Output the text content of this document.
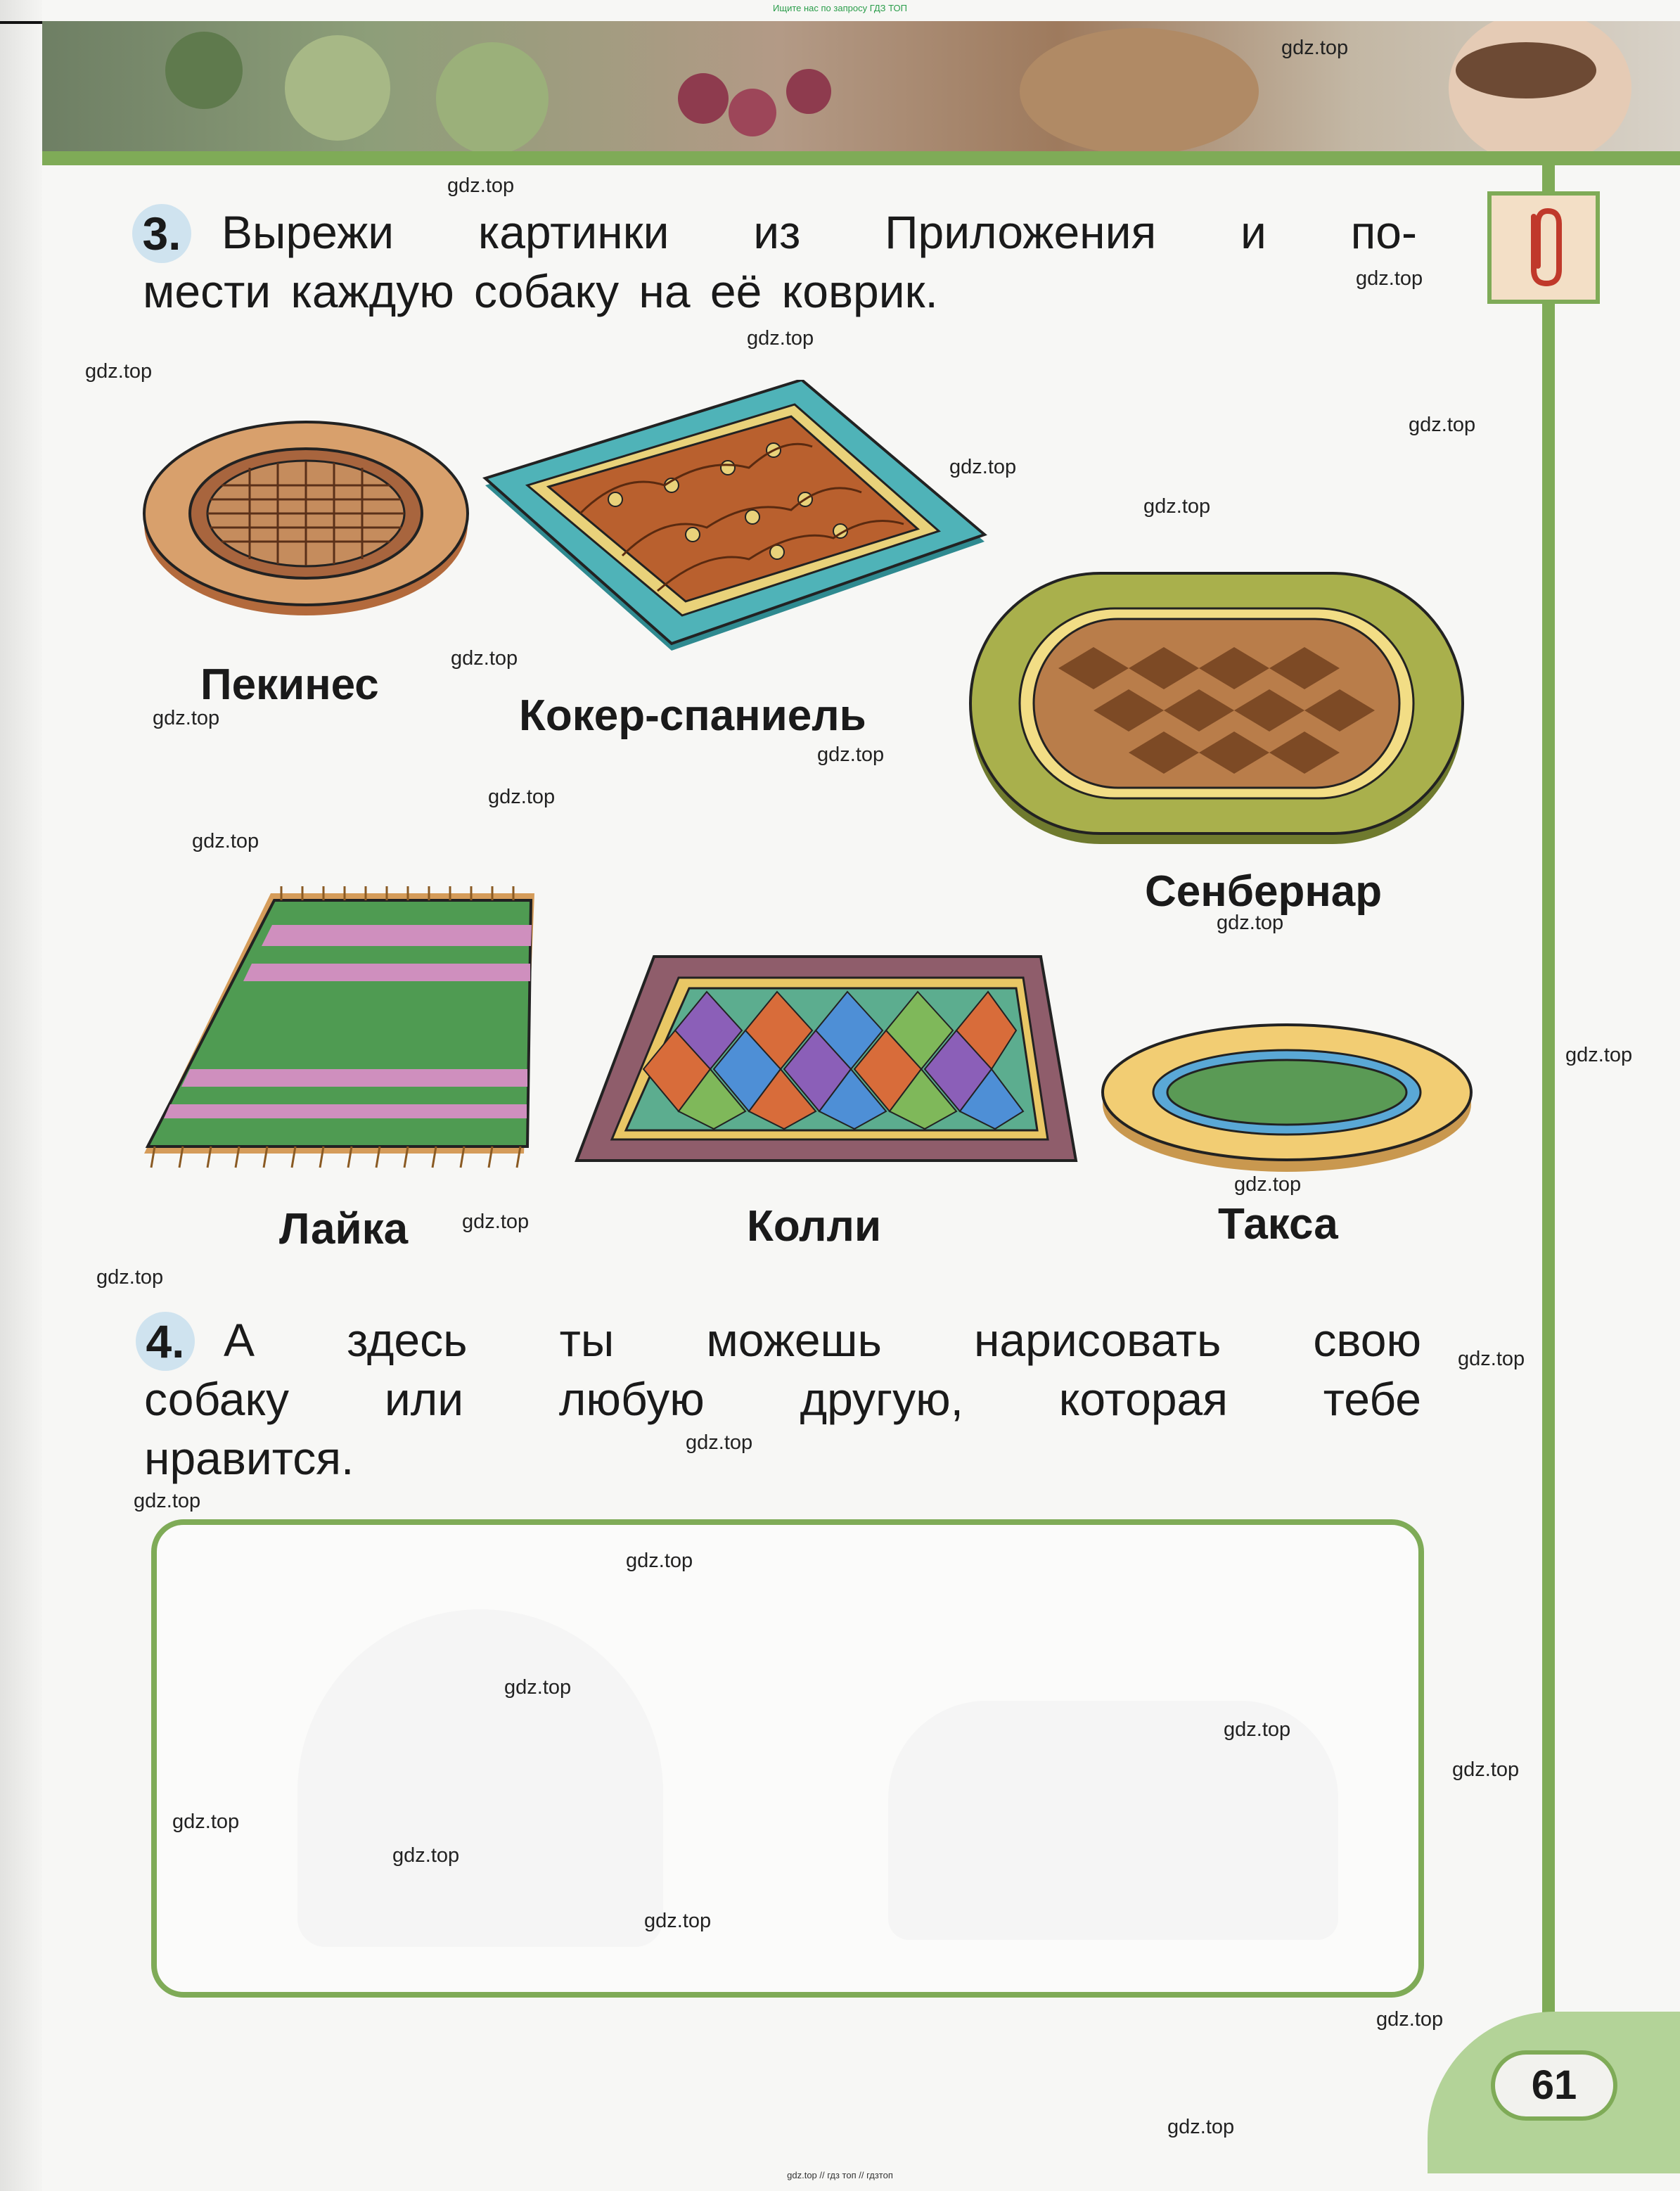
Ищите нас по запросу ГДЗ ТОП
3. Вырежи картинки из Приложения и по-
мести каждую собаку на её коврик.
Пекинес
Кокер-спаниель
Сенбернар
Лайка	Колли	Такса
4. А здесь ты можешь нарисовать свою
собаку или любую другую, которая тебе
нравится.
gdz.top
gdz.top
gdz.top
gdz.top
gdz.top
gdz.top
gdz.top
gdz.top
gdz.top
gdz.top
gdz.top
gdz.top
gdz.top
gdz.top
gdz.top
gdz.top
gdz.top
gdz.top
gdz.top
gdz.top
gdz.top
gdz.top
gdz.top
gdz.top
gdz.top
gdz.top
gdz.top
gdz.top
gdz.top
gdz.top
61
gdz.top // гдз топ // гдзтоп
